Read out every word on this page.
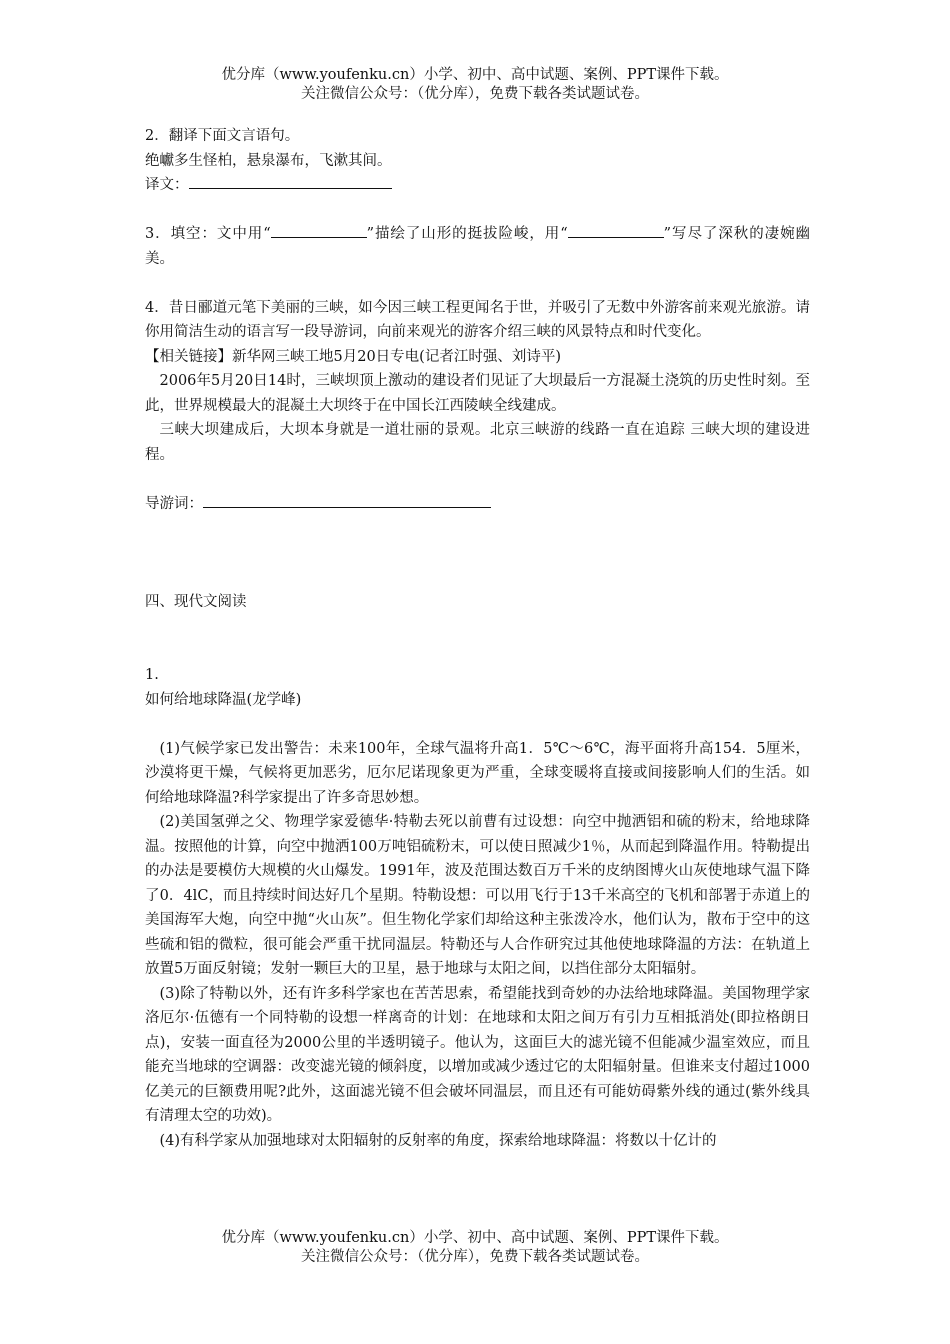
优分库（www.youfenku.cn）小学、初中、高中试题、案例、PPT课件下载。
关注微信公众号：（优分库），免费下载各类试题试卷。

2．翻译下面文言语句。

绝巘多生怪柏，悬泉瀑布，飞漱其间。

译文：

3．填空：文中用“	”描绘了山形的挺拔险峻，用“	”写尽了深秋的凄婉幽美。

4．昔日郦道元笔下美丽的三峡，如今因三峡工程更闻名于世，并吸引了无数中外游客前来观光旅游。请你用简洁生动的语言写一段导游词，向前来观光的游客介绍三峡的风景特点和时代变化。

【相关链接】新华网三峡工地5月20日专电(记者江时强、刘诗平)

2006年5月20日14时，三峡坝顶上激动的建设者们见证了大坝最后一方混凝土浇筑的历史性时刻。至此，世界规模最大的混凝土大坝终于在中国长江西陵峡全线建成。

三峡大坝建成后，大坝本身就是一道壮丽的景观。北京三峡游的线路一直在追踪 三峡大坝的建设进程。

导游词：

四、现代文阅读

1.

如何给地球降温(龙学峰)

(1)气候学家已发出警告：未来100年，全球气温将升高1．5℃～6℃，海平面将升高154．5厘米，沙漠将更干燥，气候将更加恶劣，厄尔尼诺现象更为严重，全球变暖将直接或间接影响人们的生活。如何给地球降温?科学家提出了许多奇思妙想。

(2)美国氢弹之父、物理学家爱德华·特勒去死以前曹有过设想：向空中抛洒铝和硫的粉末，给地球降温。按照他的计算，向空中抛洒100万吨铝硫粉末，可以使日照减少1％，从而起到降温作用。特勒提出的办法是要模仿大规模的火山爆发。1991年，波及范围达数百万千米的皮纳图博火山灰使地球气温下降了0．4lC，而且持续时间达好几个星期。特勒设想：可以用飞行于13千米高空的飞机和部署于赤道上的美国海军大炮，向空中抛“火山灰”。但生物化学家们却给这种主张泼冷水，他们认为，散布于空中的这些硫和铝的微粒，很可能会严重干扰同温层。特勒还与人合作研究过其他使地球降温的方法：在轨道上放置5万面反射镜；发射一颗巨大的卫星，悬于地球与太阳之间，以挡住部分太阳辐射。

(3)除了特勒以外，还有许多科学家也在苦苦思索，希望能找到奇妙的办法给地球降温。美国物理学家洛厄尔·伍德有一个同特勒的设想一样离奇的计划：在地球和太阳之间万有引力互相抵消处(即拉格朗日点)，安装一面直径为2000公里的半透明镜子。他认为，这面巨大的滤光镜不但能减少温室效应，而且能充当地球的空调器：改变滤光镜的倾斜度，以增加或减少透过它的太阳辐射量。但谁来支付超过1000亿美元的巨额费用呢?此外，这面滤光镜不但会破坏同温层，而且还有可能妨碍紫外线的通过(紫外线具有清理太空的功效)。

(4)有科学家从加强地球对太阳辐射的反射率的角度，探索给地球降温：将数以十亿计的

优分库（www.youfenku.cn）小学、初中、高中试题、案例、PPT课件下载。
关注微信公众号：（优分库），免费下载各类试题试卷。
